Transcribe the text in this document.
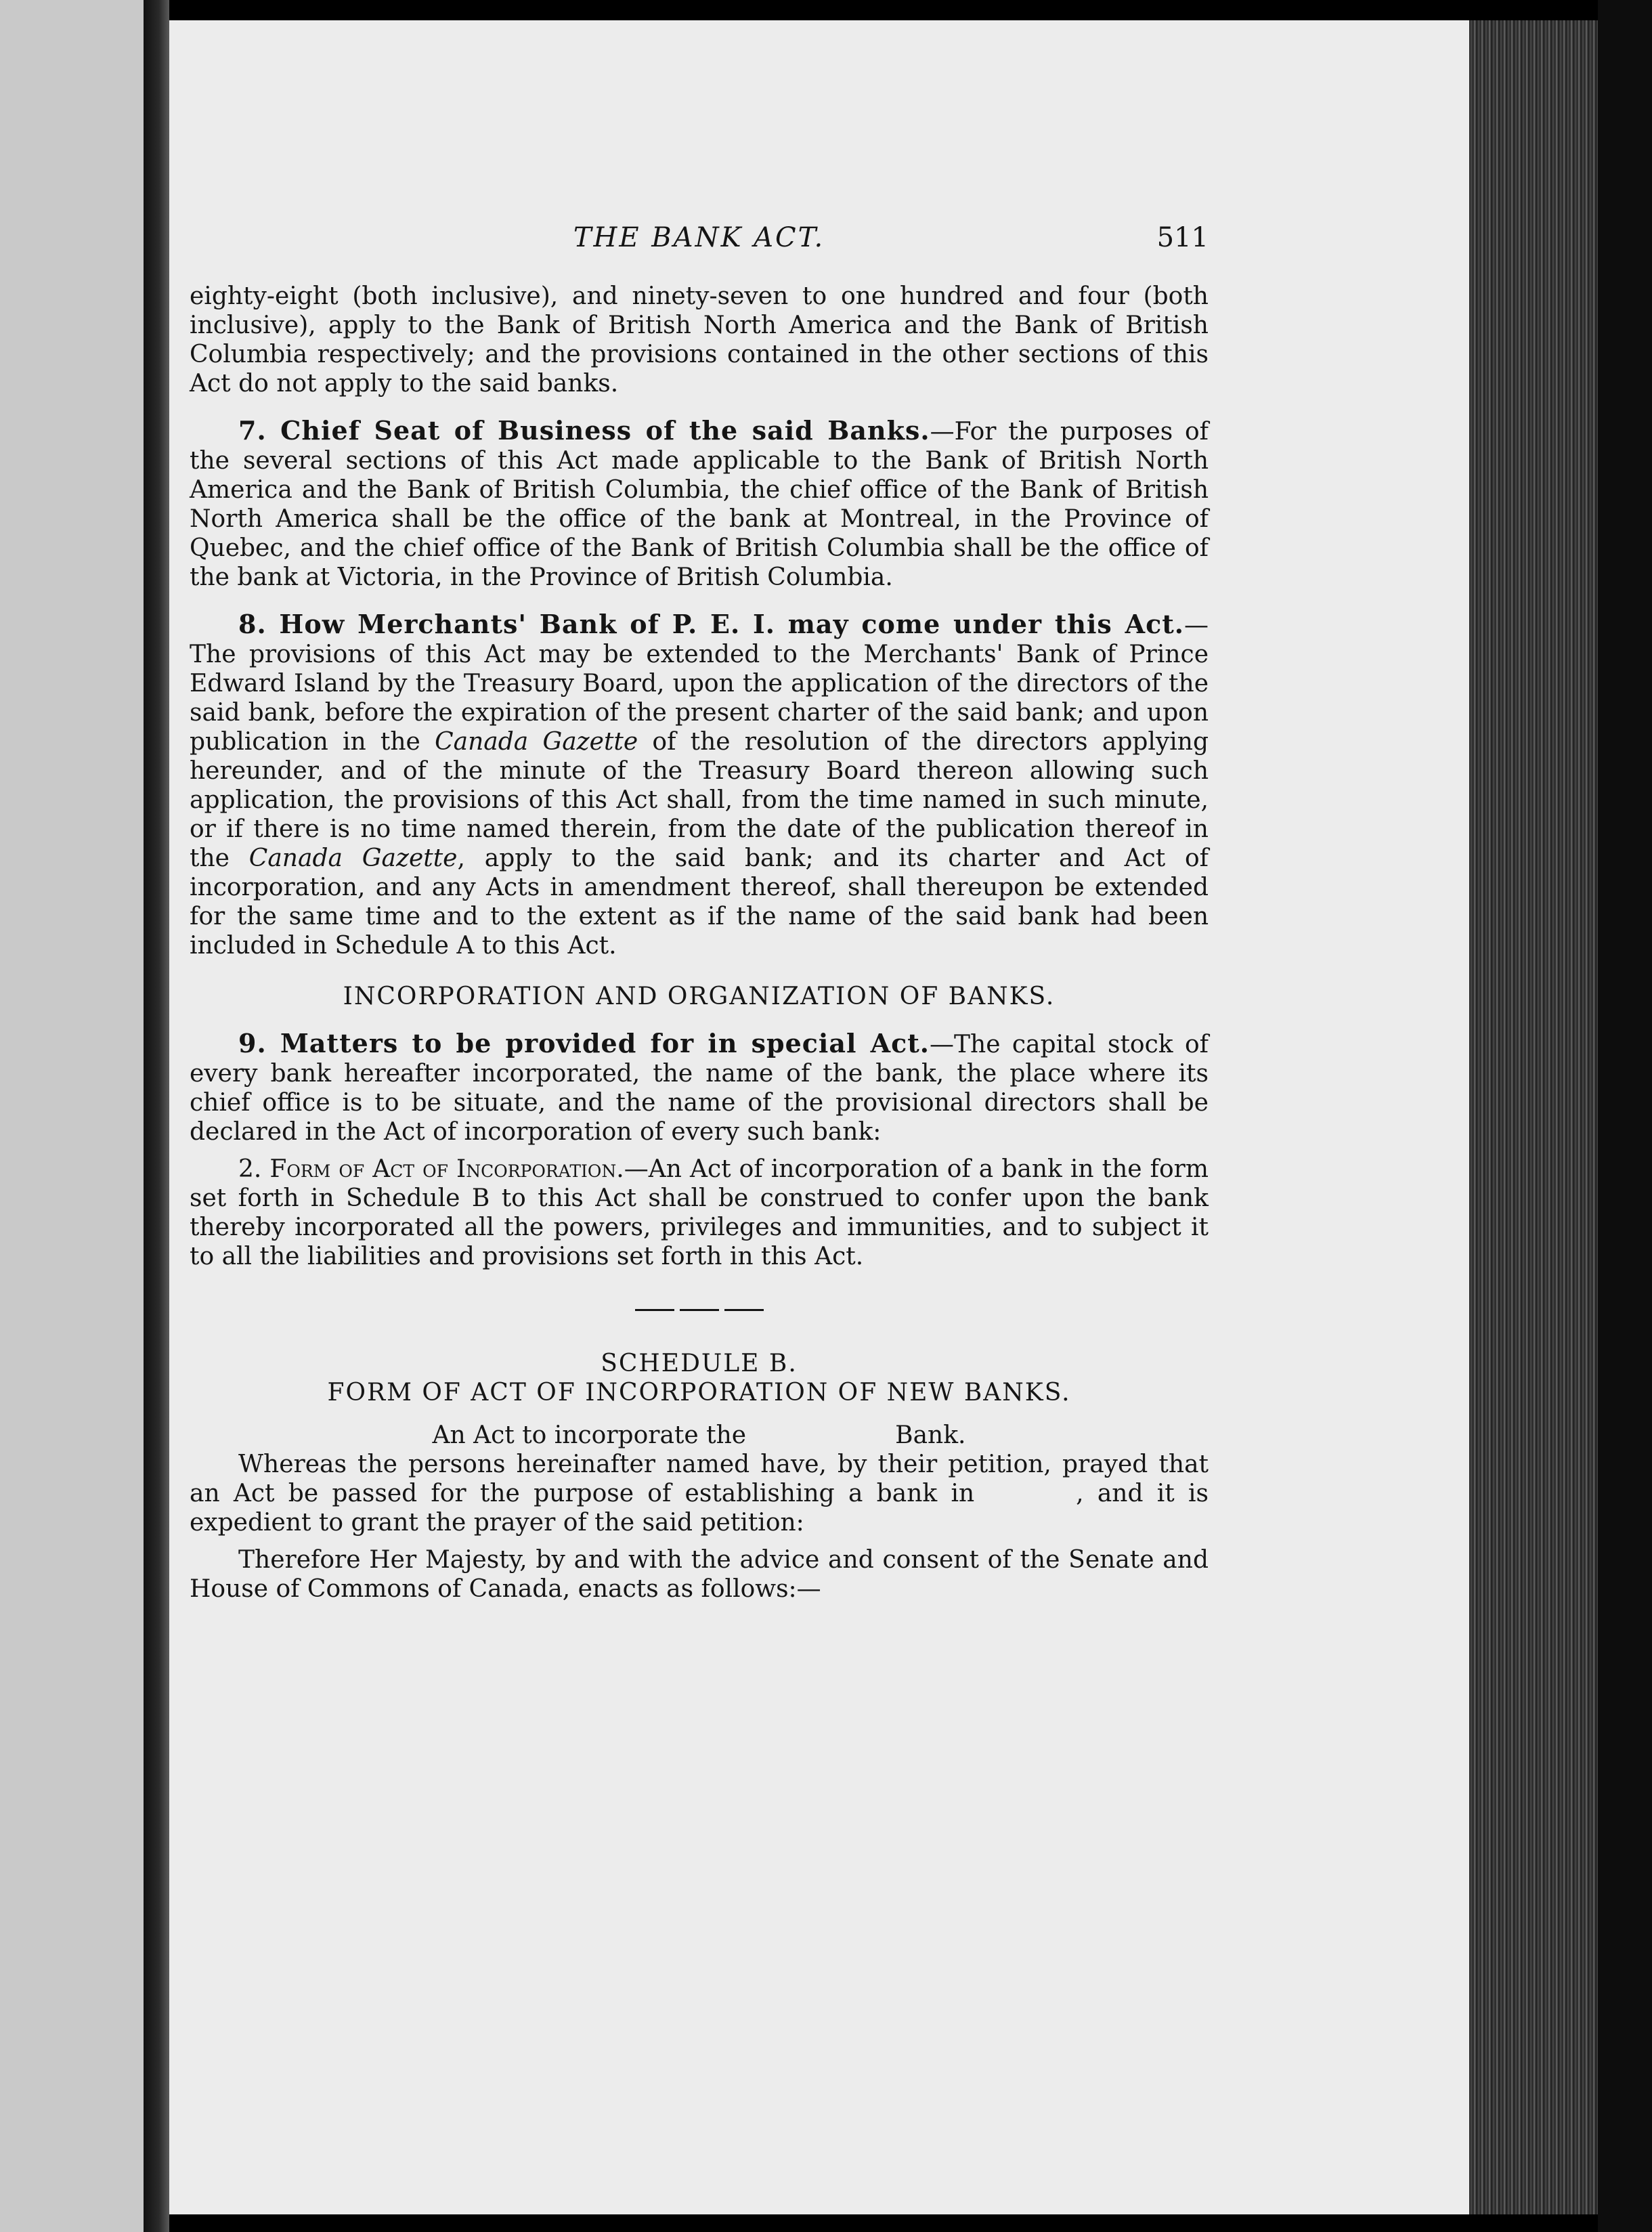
THE BANK ACT.	511

eighty-eight (both inclusive), and ninety-seven to one hundred and four (both inclusive), apply to the Bank of British North America and the Bank of British Columbia respectively; and the provisions contained in the other sections of this Act do not apply to the said banks.

7. Chief Seat of Business of the said Banks.—For the purposes of the several sections of this Act made applicable to the Bank of British North America and the Bank of British Columbia, the chief office of the Bank of British North America shall be the office of the bank at Montreal, in the Province of Quebec, and the chief office of the Bank of British Columbia shall be the office of the bank at Victoria, in the Province of British Columbia.

8. How Merchants' Bank of P. E. I. may come under this Act.—The provisions of this Act may be extended to the Merchants' Bank of Prince Edward Island by the Treasury Board, upon the application of the directors of the said bank, before the expiration of the present charter of the said bank; and upon publication in the Canada Gazette of the resolution of the directors applying hereunder, and of the minute of the Treasury Board thereon allowing such application, the provisions of this Act shall, from the time named in such minute, or if there is no time named therein, from the date of the publication thereof in the Canada Gazette, apply to the said bank; and its charter and Act of incorporation, and any Acts in amendment thereof, shall thereupon be extended for the same time and to the extent as if the name of the said bank had been included in Schedule A to this Act.

INCORPORATION AND ORGANIZATION OF BANKS.

9. Matters to be provided for in special Act.—The capital stock of every bank hereafter incorporated, the name of the bank, the place where its chief office is to be situate, and the name of the provisional directors shall be declared in the Act of incorporation of every such bank:

2. Form of Act of Incorporation.—An Act of incorporation of a bank in the form set forth in Schedule B to this Act shall be construed to confer upon the bank thereby incorporated all the powers, privileges and immunities, and to subject it to all the liabilities and provisions set forth in this Act.

SCHEDULE B.

FORM OF ACT OF INCORPORATION OF NEW BANKS.

An Act to incorporate the	Bank.

Whereas the persons hereinafter named have, by their petition, prayed that an Act be passed for the purpose of establishing a bank in	, and it is expedient to grant the prayer of the said petition:

Therefore Her Majesty, by and with the advice and consent of the Senate and House of Commons of Canada, enacts as follows:—
